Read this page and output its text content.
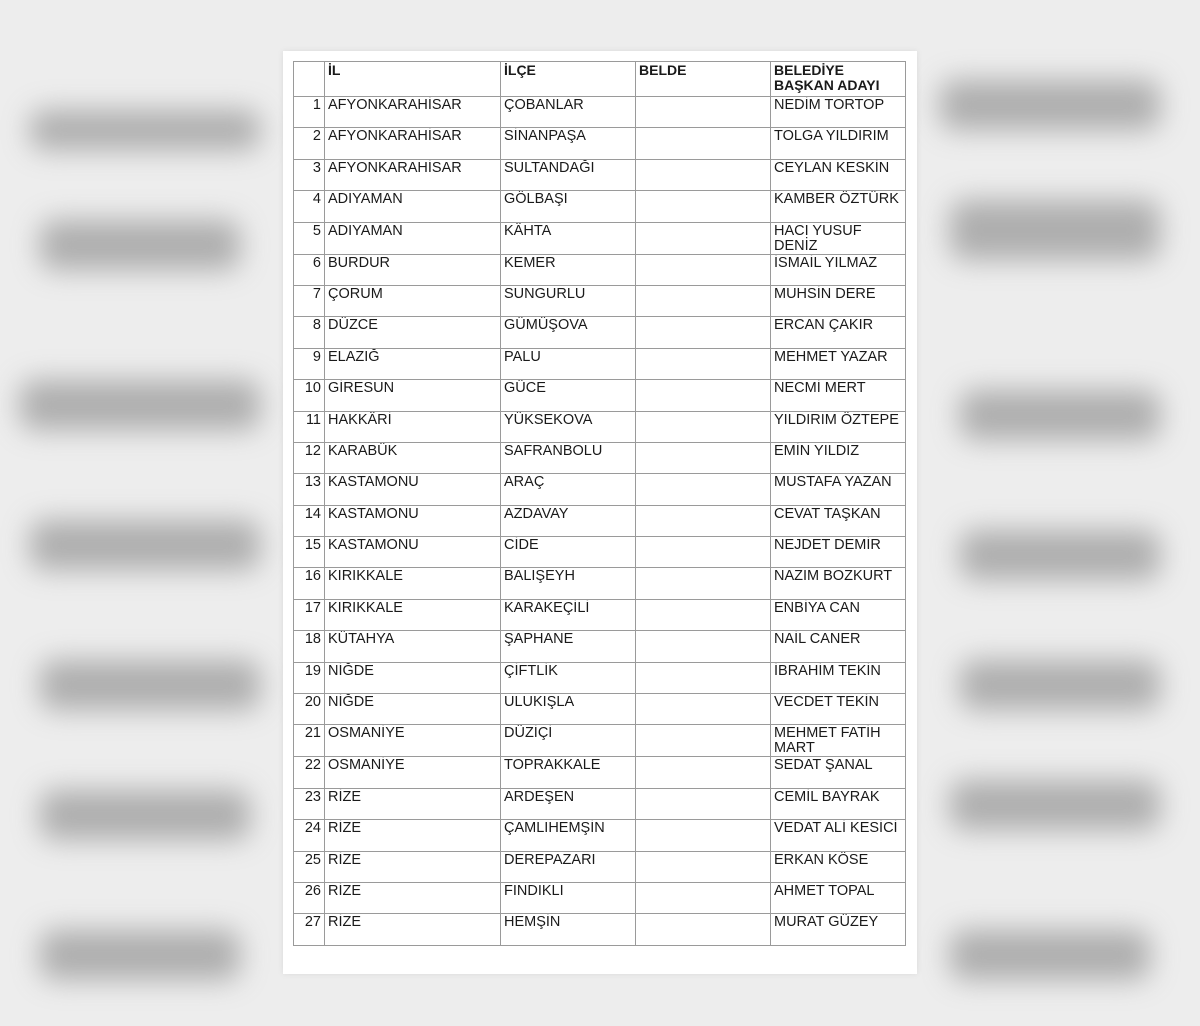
	İL	İLÇE	BELDE	BELEDİYE BAŞKAN ADAYI
1	AFYONKARAHİSAR	ÇOBANLAR		NEDİM TORTOP
2	AFYONKARAHİSAR	SİNANPAŞA		TOLGA YILDIRIM
3	AFYONKARAHİSAR	SULTANDAĞI		CEYLAN KESKİN
4	ADIYAMAN	GÖLBAŞI		KAMBER ÖZTÜRK
5	ADIYAMAN	KÂHTA		HACI YUSUF DENİZ
6	BURDUR	KEMER		İSMAİL YILMAZ
7	ÇORUM	SUNGURLU		MUHSİN DERE
8	DÜZCE	GÜMÜŞOVA		ERCAN ÇAKIR
9	ELAZIĞ	PALU		MEHMET YAZAR
10	GİRESUN	GÜCE		NECMİ MERT
11	HAKKÂRİ	YÜKSEKOVA		YILDIRIM ÖZTEPE
12	KARABÜK	SAFRANBOLU		EMİN YILDIZ
13	KASTAMONU	ARAÇ		MUSTAFA YAZAN
14	KASTAMONU	AZDAVAY		CEVAT TAŞKAN
15	KASTAMONU	CİDE		NEJDET DEMİR
16	KIRIKKALE	BALIŞEYH		NAZIM BOZKURT
17	KIRIKKALE	KARAKEÇİLİ		ENBİYA CAN
18	KÜTAHYA	ŞAPHANE		NAİL CANER
19	NİĞDE	ÇİFTLİK		İBRAHİM TEKİN
20	NİĞDE	ULUKIŞLA		VECDET TEKİN
21	OSMANİYE	DÜZİÇİ		MEHMET FATİH MART
22	OSMANİYE	TOPRAKKALE		SEDAT ŞANAL
23	RİZE	ARDEŞEN		CEMİL BAYRAK
24	RİZE	ÇAMLIHEMŞİN		VEDAT ALİ KESİCİ
25	RİZE	DEREPAZARI		ERKAN KÖSE
26	RİZE	FINDIKLI		AHMET TOPAL
27	RİZE	HEMŞİN		MURAT GÜZEY
